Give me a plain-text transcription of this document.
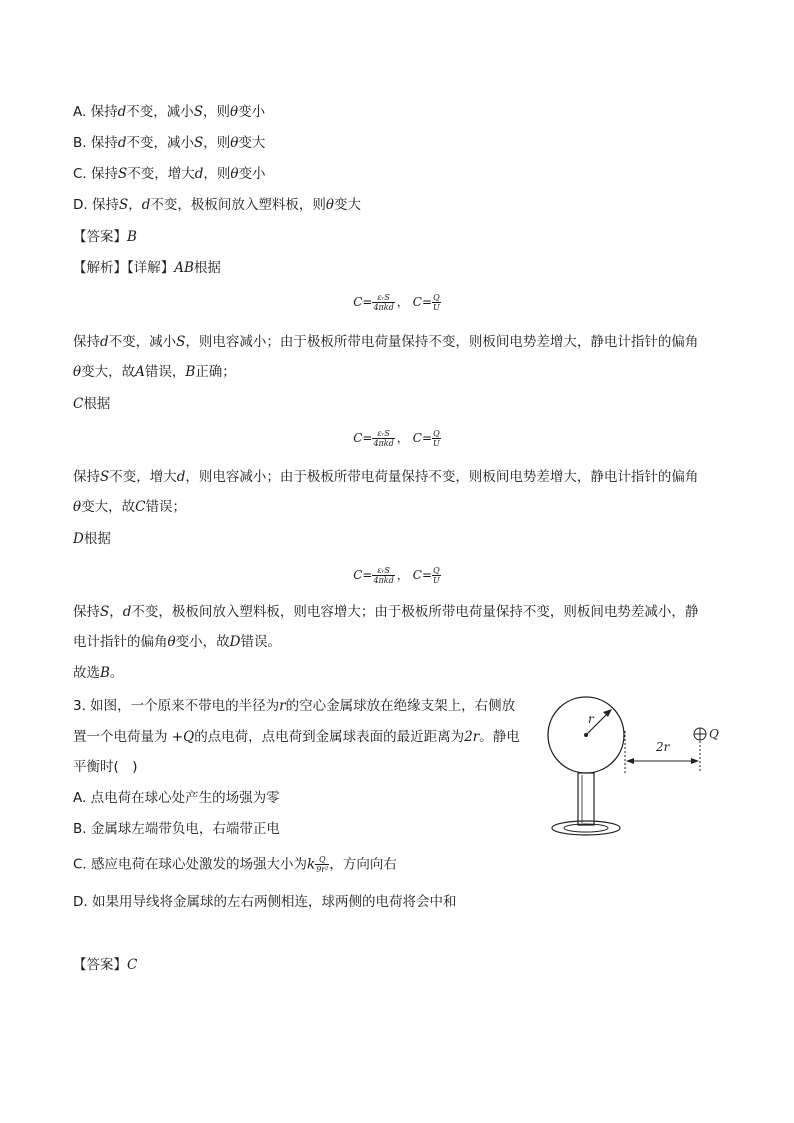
A. 保持d不变，减小S，则θ变小
B. 保持d不变，减小S，则θ变大
C. 保持S不变，增大d，则θ变小
D. 保持S，d不变，极板间放入塑料板，则θ变大
【答案】B
【解析】【详解】AB根据
$C= \frac{\text{εᵣS}}{\text{4πkd}}$ ， $C= \frac{Q}{U}$
保持d不变，减小S，则电容减小；由于极板所带电荷量保持不变，则板间电势差增大，静电计指针的偏角
θ变大，故A错误，B正确；
C根据
$C= \frac{\text{εᵣS}}{\text{4πkd}}$ ， $C= \frac{Q}{U}$
保持S不变，增大d，则电容减小；由于极板所带电荷量保持不变，则板间电势差增大，静电计指针的偏角
θ变大，故C错误；
D根据
$C= \frac{\text{εᵣS}}{\text{4πkd}}$ ， $C= \frac{Q}{U}$
保持S，d不变，极板间放入塑料板，则电容增大；由于极板所带电荷量保持不变，则板间电势差减小，静
电计指针的偏角θ变小，故D错误。
故选B。
3. 如图，一个原来不带电的半径为r的空心金属球放在绝缘支架上，右侧放
置一个电荷量为 +Q的点电荷，点电荷到金属球表面的最近距离为2r。静电
平衡时(　)
A. 点电荷在球心处产生的场强为零
B. 金属球左端带负电，右端带正电
C. 感应电荷在球心处激发的场强大小为k $\frac{Q}{\text{9r²}}$ ，方向向右
D. 如果用导线将金属球的左右两侧相连，球两侧的电荷将会中和
【答案】C
r
2r
Q
